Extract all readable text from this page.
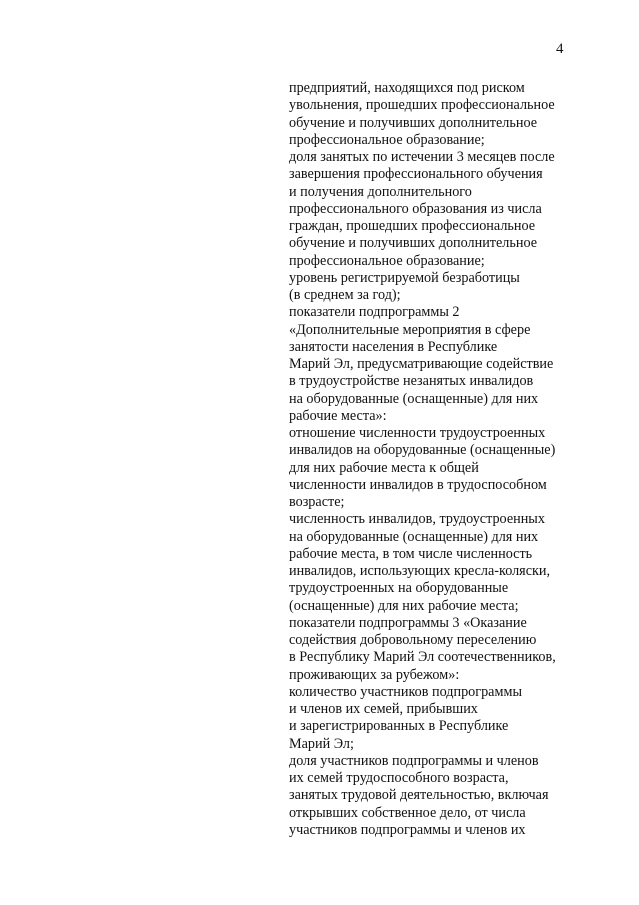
4
предприятий, находящихся под риском
увольнения, прошедших профессиональное
обучение и получивших дополнительное
профессиональное образование;
доля занятых по истечении 3 месяцев после
завершения профессионального обучения
и получения дополнительного
профессионального образования из числа
граждан, прошедших профессиональное
обучение и получивших дополнительное
профессиональное образование;
уровень регистрируемой безработицы
(в среднем за год);
показатели подпрограммы 2
«Дополнительные мероприятия в сфере
занятости населения в Республике
Марий Эл, предусматривающие содействие
в трудоустройстве незанятых инвалидов
на оборудованные (оснащенные) для них
рабочие места»:
отношение численности трудоустроенных
инвалидов на оборудованные (оснащенные)
для них рабочие места к общей
численности инвалидов в трудоспособном
возрасте;
численность инвалидов, трудоустроенных
на оборудованные (оснащенные) для них
рабочие места, в том числе численность
инвалидов, использующих кресла-коляски,
трудоустроенных на оборудованные
(оснащенные) для них рабочие места;
показатели подпрограммы 3 «Оказание
содействия добровольному переселению
в Республику Марий Эл соотечественников,
проживающих за рубежом»:
количество участников подпрограммы
и членов их семей, прибывших
и зарегистрированных в Республике
Марий Эл;
доля участников подпрограммы и членов
их семей трудоспособного возраста,
занятых трудовой деятельностью, включая
открывших собственное дело, от числа
участников подпрограммы и членов их
